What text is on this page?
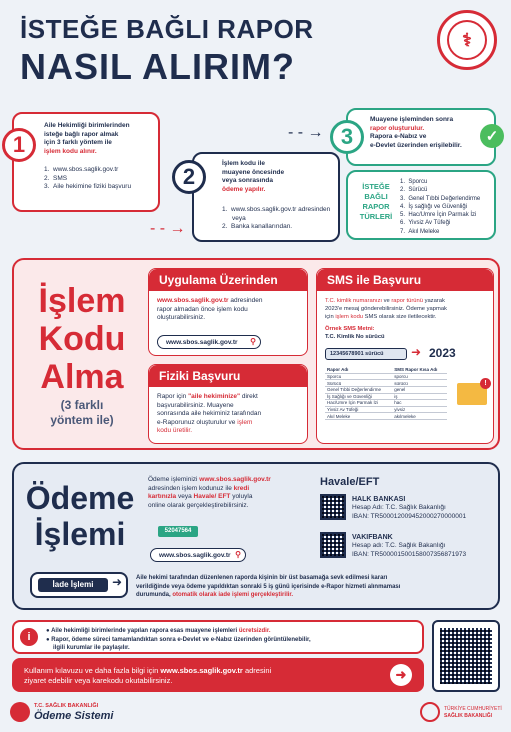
İSTEĞE BAĞLI RAPOR
NASIL ALIRIM?
⚕
Aile Hekimliği birimlerinden
isteğe bağlı rapor almak
için 3 farklı yöntem ile
işlem kodu alınır.
1.  www.sbos.saglik.gov.tr
2.  SMS
3.  Aile hekimine fiziki başvuru
1
- - →
- - →
İşlem kodu ile
muayene öncesinde
veya sonrasında
ödeme yapılır.
1.  www.sbos.saglik.gov.tr adresinden veya
2.  Banka kanallarından.
2
Muayene işleminden sonra
rapor oluşturulur.
Rapora e-Nabız ve
e-Devlet üzerinden erişilebilir.
3	✓
İSTEĞE
BAĞLI
RAPOR
TÜRLERİ
1.  Sporcu
2.  Sürücü
3.  Genel Tıbbi Değerlendirme
4.  İş sağlığı ve Güvenliği
5.  Hac/Umre İçin Parmak İzi
6.  Yivsiz Av Tüfeği
7.  Akıl Meleke
İşlem
Kodu
Alma
(3 farklı
yöntem ile)
Uygulama Üzerinden
www.sbos.saglik.gov.tr adresinden
rapor almadan önce işlem kodu
oluşturabilirsiniz.
www.sbos.saglik.gov.tr ⚲
Fiziki Başvuru
Rapor için "aile hekiminize" direkt
başvurabilirsiniz. Muayene
sonrasında aile hekiminiz tarafından
e-Raporunuz oluşturulur ve işlem
kodu üretilir.
SMS ile Başvuru
T.C. kimlik numaranızı ve rapor türünü yazarak
2023'e mesaj gönderebilirsiniz. Ödeme yapmak
için işlem kodu SMS olarak size iletilecektir.
Örnek SMS Metni:
T.C. Kimlik No sürücü
12345678901 sürücü	➜ 2023
Rapor Adı	SMS Rapor Kısa Adı
Sporcu	sporcu
Sürücü	sürücü
Genel Tıbbi Değerlendirme	genel
İş Sağlığı ve Güvenliği	iş
Hac/Umre İçin Parmak İzi	hac
Yivsiz Av Tüfeği	yivsiz
Akıl Meleke	akılmeleke
!
Ödeme
İşlemi
Ödeme işleminizi www.sbos.saglik.gov.tr
adresinden işlem kodunuz ile kredi
kartınızla veya Havale/ EFT yoluyla
online olarak gerçekleştirebilirsiniz.
52047564
www.sbos.saglik.gov.tr ⚲
Havale/EFT
HALK BANKASI
Hesap Adı: T.C. Sağlık Bakanlığı
IBAN: TR500012009452000270000001
VAKIFBANK
Hesap adı: T.C. Sağlık Bakanlığı
IBAN: TR500001500158007356871973
İade İşlemi	➜ Aile hekimi tarafından düzenlenen raporda kişinin bir üst basamağa sevk edilmesi kararı
verildiğinde veya ödeme yapıldıktan sonraki 5 iş günü içerisinde e-Rapor hizmeti alınmaması
durumunda, otomatik olarak iade işlemi gerçekleştirilir.
i	● Aile hekimliği birimlerinde yapılan rapora esas muayene işlemleri ücretsizdir.
● Rapor, ödeme süreci tamamlandıktan sonra e-Devlet ve e-Nabız üzerinden görüntülenebilir,
ilgili kurumlar ile paylaşılır.
Kullanım kılavuzu ve daha fazla bilgi için www.sbos.saglik.gov.tr adresini
ziyaret edebilir veya karekodu okutabilirsiniz.	➜
T.C. SAĞLIK BAKANLIĞI
Ödeme Sistemi
TÜRKİYE CUMHURİYETİ
SAĞLIK BAKANLIĞI
